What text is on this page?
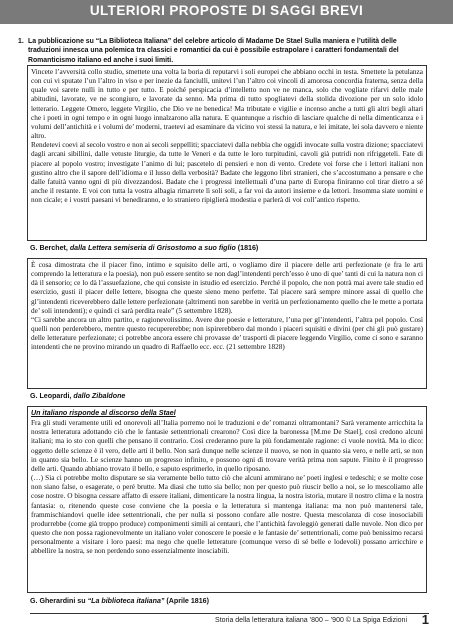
ULTERIORI PROPOSTE DI SAGGI BREVI
1. La pubblicazione su “La Biblioteca Italiana” del celebre articolo di Madame De Stael Sulla maniera e l’utilità delle traduzioni innesca una polemica tra classici e romantici da cui è possibile estrapolare i caratteri fondamentali del Romanticismo italiano ed anche i suoi limiti.

Vincete l’avversità collo studio, smettete una volta la boria di reputarvi i soli europei che abbiano occhi in testa. Smettete la petulanza con cui vi sputate l’un l’altro in viso e per inezie da fanciulli, unitevi l’un l’altro coi vincoli di amorosa concordia fraterna, senza della quale voi sarete nulli in tutto e per tutto. E poiché perspicacia d’intelletto non ve ne manca, solo che vogliate rifarvi delle male abitudini, lavorate, ve ne scongiuro, e lavorate da senno. Ma prima di tutto spogliatevi della stolida divozione per un solo idolo letterario. Leggete Omero, leggete Virgilio, che Dio ve ne benedica! Ma tributate e vigilie e incenso anche a tutti gli altri begli altari che i poeti in ogni tempo e in ogni luogo innalzarono alla natura. E quantunque a rischio di lasciare qualche di nella dimenticanza e i volumi dell’antichità e i volumi de’ moderni, traetevi ad esaminare da vicino voi stessi la natura, e lei imitate, lei sola davvero e niente altro.

Rendetevi coevi al secolo vostro e non ai secoli seppelliti; spacciatevi dalla nebbia che oggidì invocate sulla vostra dizione; spacciatevi dagli arcani sibillini, dalle vetuste liturgie, da tutte le Veneri e da tutte le loro turpitudini, cavoli già putridi non rifriggeteli. Fate di piacere al popolo vostro; investigate l’animo di lui; pascetelo di pensieri e non di vento. Credete voi forse che i lettori italiani non gustino altro che il sapore dell’idioma e il lusso della verbosità? Badate che leggono libri stranieri, che s’accostumano a pensare e che dalle fatuità vanno ogni dì più divezzandosi. Badate che i progressi intellettuali d’una parte di Europa finiranno col tirar dietro a sé anche il restante. E voi con tutta la vostra albagia rimarrete lì soli soli, a far voi da autori insieme e da lettori. Insomma siate uomini e non cicale; e i vostri paesani vi benediranno, e lo straniero ripiglierà modestia e parlerà di voi coll’antico rispetto.

G. Berchet, dalla Lettera semiseria di Grisostomo a suo figlio (1816)

È cosa dimostrata che il piacer fino, intimo e squisito delle arti, o vogliamo dire il piacere delle arti perfezionate (e fra le arti comprendo la letteratura e la poesia), non può essere sentito se non dagl’intendenti perch’esso è uno di que’ tanti di cui la natura non ci dà il sensorio; ce lo dà l’assuefazione, che qui consiste in istudio ed esercizio. Perché il popolo, che non potrà mai avere tale studio ed esercizio, gusti il piacer delle lettere, bisogna che queste sieno meno perfette. Tal piacere sarà sempre minore assai di quello che gl’intendenti riceverebbero dalle lettere perfezionate (altrimenti non sarebbe in verità un perfezionamento quello che le mette a portata de’ soli intendenti); e quindi ci sarà perdita reale” (5 settembre 1828).

“Ci sarebbe ancora un altro partito, e ragionevolissimo. Avere due poesie e letterature, l’una per gl’intendenti, l’altra pel popolo. Così quelli non perderebbero, mentre questo recupererebbe; non ispirerebbero dal mondo i piaceri squisiti e divini (per chi gli può gustare) delle letterature perfezionate; ci potrebbe ancora essere chi provasse de’ trasporti di piacere leggendo Virgilio, come ci sono e saranno intendenti che ne provino mirando un quadro di Raffaello ecc. ecc. (21 settembre 1828)

G. Leopardi, dallo Zibaldone
Un italiano risponde al discorso della Stael

Fra gli studi veramente utili ed onorevoli all’Italia porremo noi le traduzioni e de’ romanzi oltramontani? Sarà veramente arricchita la nostra letteratura adottando ciò che le fantasie settentrionali crearono? Così dice la baronessa [M.me De Stael], così credono alcuni italiani; ma io sto con quelli che pensano il contrario. Così crederanno pure la più fondamentale ragione: ci vuole novità. Ma io dico: oggetto delle scienze è il vero, delle arti il bello. Non sarà dunque nelle scienze il nuovo, se non in quanto sia vero, e nelle arti, se non in quanto sia bello. Le scienze hanno un progresso infinito, e possono ogni dì trovare verità prima non sapute. Finito è il progresso delle arti. Quando abbiano trovato il bello, e saputo esprimerlo, in quello riposano.

(…) Sia ci potrebbe molto disputare se sia veramente bello tutto ciò che alcuni ammirano ne’ poeti inglesi e tedeschi; e se molte cose non siano false, o esagerate, o peré brutte. Ma diasi che tutto sia bello; non per questo può riuscir bello a noi, se lo mescoliamo alle cose nostre. O bisogna cessare affatto di essere italiani, dimenticare la nostra lingua, la nostra istoria, mutare il nostro clima e la nostra fantasia: o, ritenendo queste cose conviene che la poesia e la letteratura si mantenga italiana: ma non può mantenersi tale, frammischiandovi quelle idee settentrionali, che per nulla si possono confare alle nostre. Questa mescolanza di cose inosociabili produrrebbe (come già troppo produce) componimenti simili ai centauri, che l’antichità favoleggiò generati dalle nuvole. Non dico per questo che non possa ragionevolmente un italiano voler conoscere le poesie e le fantasie de’ settentrionali, come può benissimo recarsi personalmente a visitare i loro paesi: ma nego che quelle letterature (comunque verso di sé belle e lodevoli) possano arricchire e abbellire la nostra, se non perdendo sono essenzialmente inosciabili.

G. Gherardini su “La biblioteca italiana” (Aprile 1816)
Storia della letteratura italiana ’800 – ’900 © La Spiga Edizioni 1
